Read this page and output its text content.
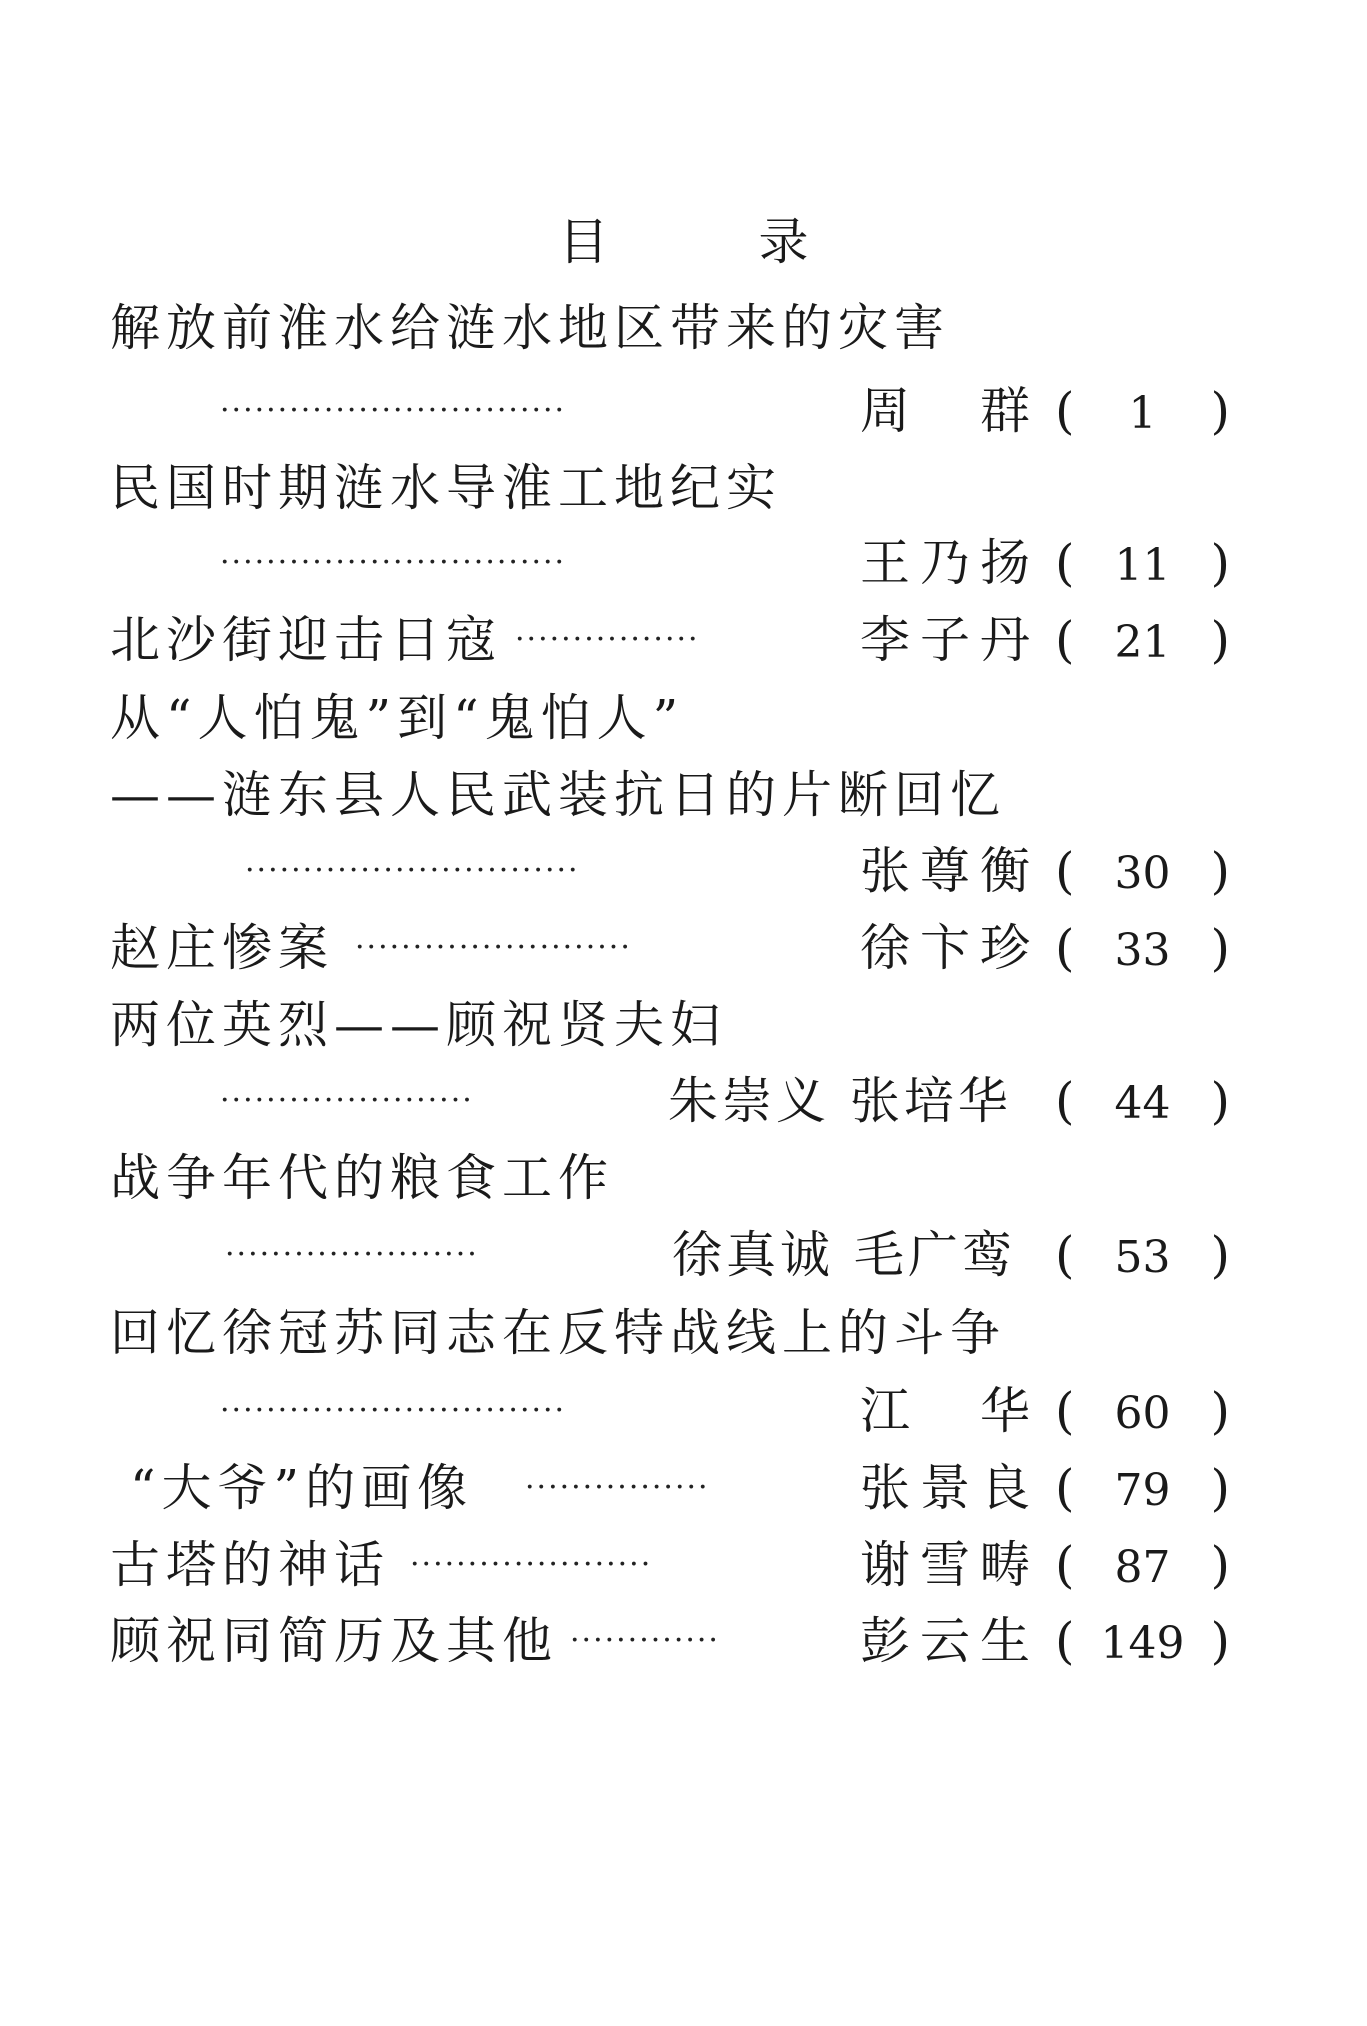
目录
解放前淮水给涟水地区带来的灾害
······························	周　群 ( 1 )
民国时期涟水导淮工地纪实
······························	王乃扬 ( 11 )
北沙街迎击日寇 ················	李子丹 ( 21 )
从“人怕鬼”到“鬼怕人”
——涟东县人民武装抗日的片断回忆
·····························	张尊衡 ( 30 )
赵庄惨案 ························	徐卞珍 ( 33 )
两位英烈——顾祝贤夫妇
······················	朱崇义 张培华 ( 44 )
战争年代的粮食工作
······················	徐真诚 毛广鸾 ( 53 )
回忆徐冠苏同志在反特战线上的斗争
······························	江　华 ( 60 )
“大爷”的画像 ················	张景良 ( 79 )
古塔的神话 ·····················	谢雪畴 ( 87 )
顾祝同简历及其他 ·············	彭云生 ( 149 )
